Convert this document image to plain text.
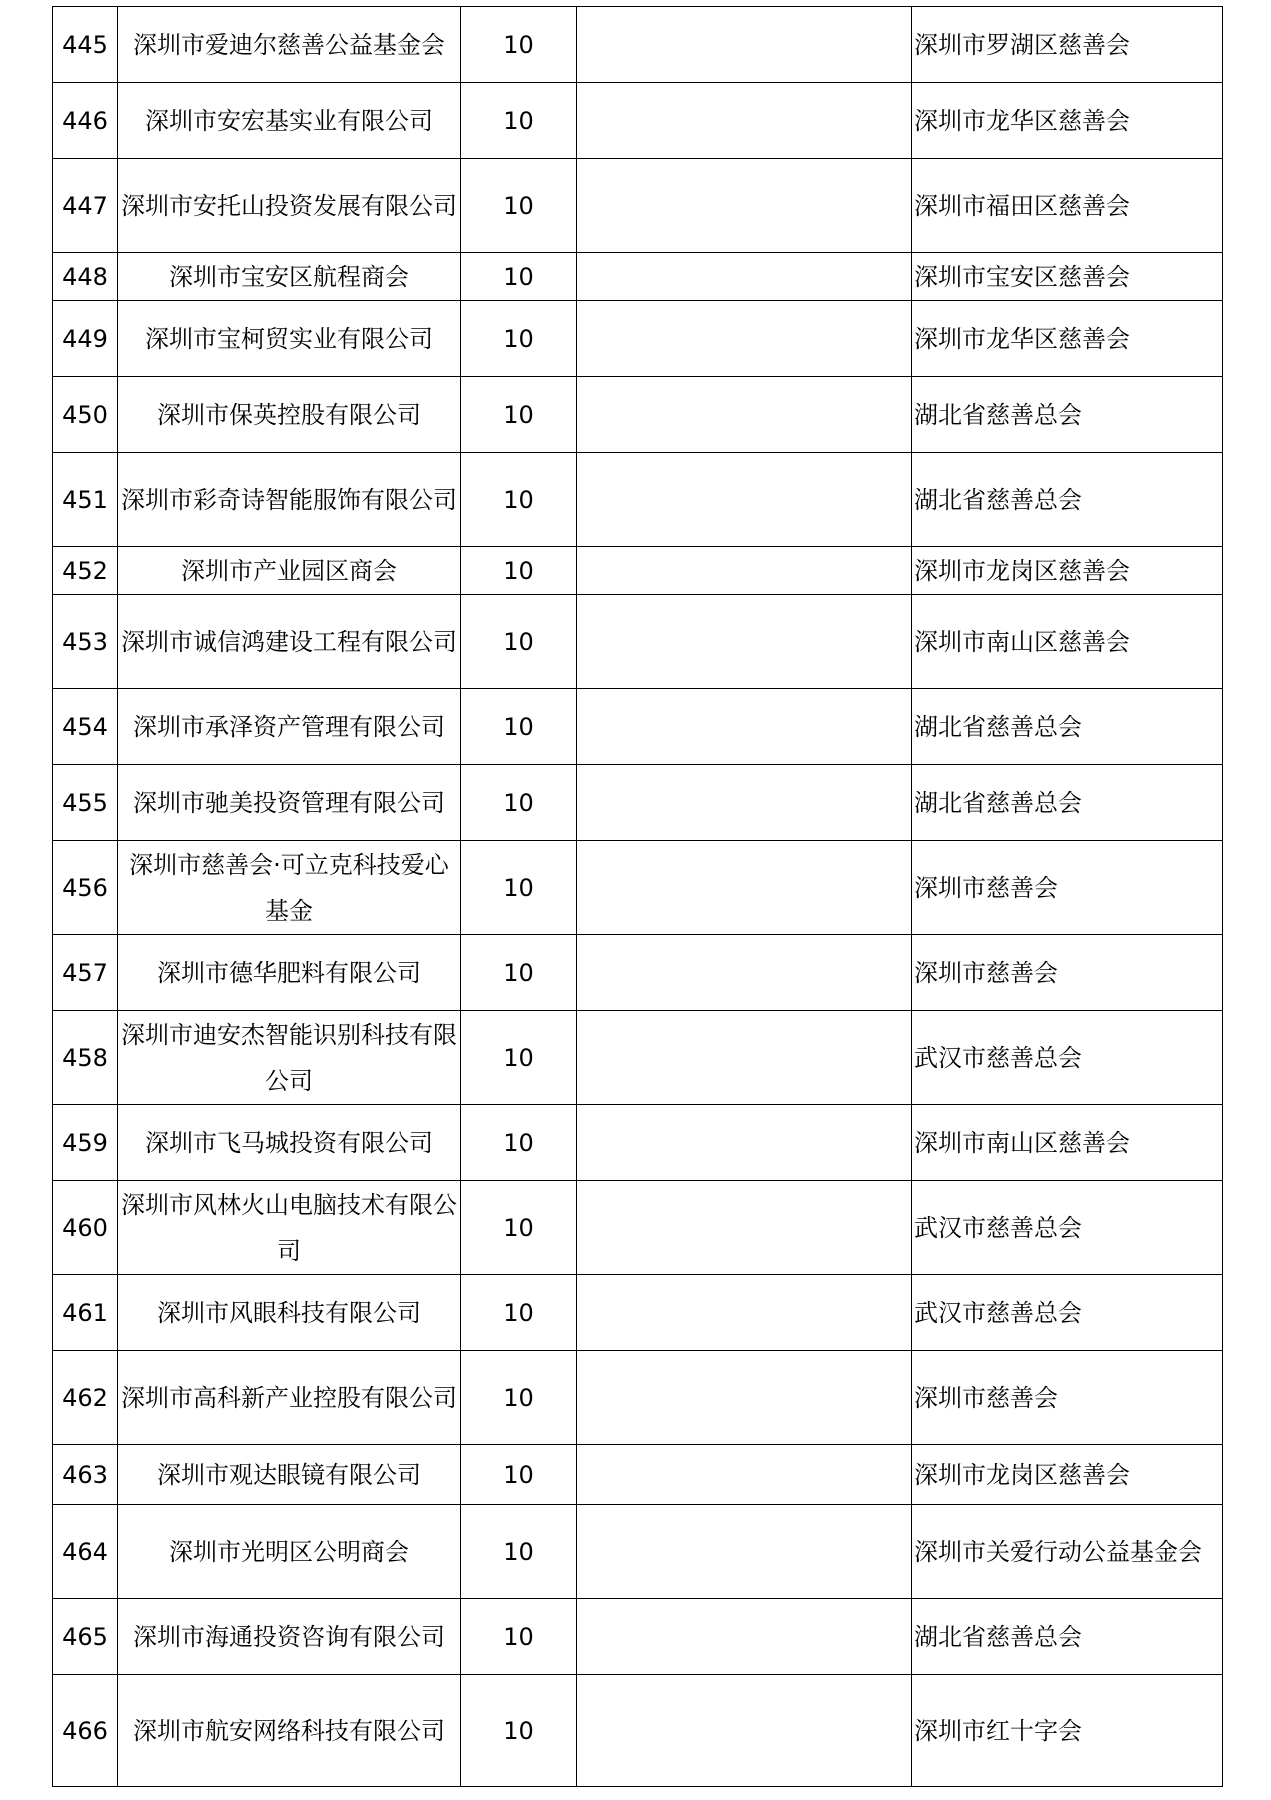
445	深圳市爱迪尔慈善公益基金会	10		深圳市罗湖区慈善会
446	深圳市安宏基实业有限公司	10		深圳市龙华区慈善会
447	深圳市安托山投资发展有限公司	10		深圳市福田区慈善会
448	深圳市宝安区航程商会	10		深圳市宝安区慈善会
449	深圳市宝柯贸实业有限公司	10		深圳市龙华区慈善会
450	深圳市保英控股有限公司	10		湖北省慈善总会
451	深圳市彩奇诗智能服饰有限公司	10		湖北省慈善总会
452	深圳市产业园区商会	10		深圳市龙岗区慈善会
453	深圳市诚信鸿建设工程有限公司	10		深圳市南山区慈善会
454	深圳市承泽资产管理有限公司	10		湖北省慈善总会
455	深圳市驰美投资管理有限公司	10		湖北省慈善总会
456	深圳市慈善会·可立克科技爱心基金	10		深圳市慈善会
457	深圳市德华肥料有限公司	10		深圳市慈善会
458	深圳市迪安杰智能识别科技有限公司	10		武汉市慈善总会
459	深圳市飞马城投资有限公司	10		深圳市南山区慈善会
460	深圳市风林火山电脑技术有限公司	10		武汉市慈善总会
461	深圳市风眼科技有限公司	10		武汉市慈善总会
462	深圳市高科新产业控股有限公司	10		深圳市慈善会
463	深圳市观达眼镜有限公司	10		深圳市龙岗区慈善会
464	深圳市光明区公明商会	10		深圳市关爱行动公益基金会
465	深圳市海通投资咨询有限公司	10		湖北省慈善总会
466	深圳市航安网络科技有限公司	10		深圳市红十字会
